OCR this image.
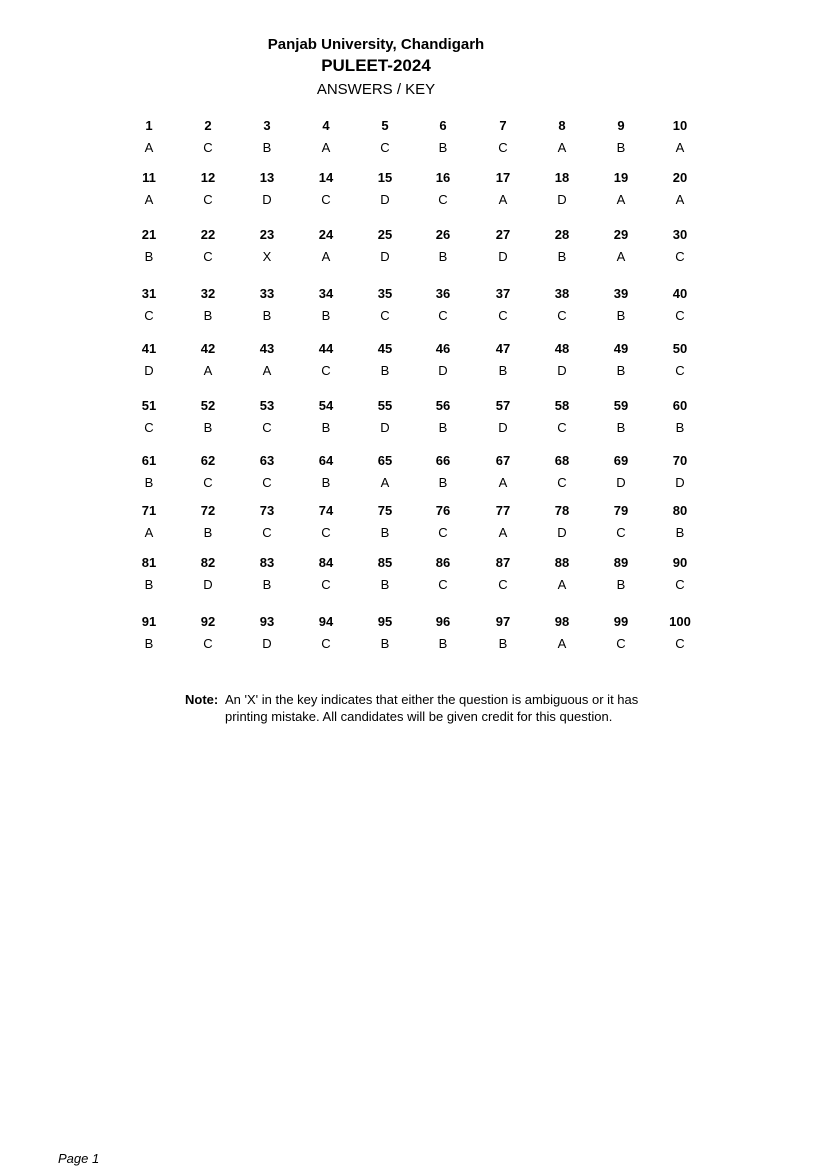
Panjab University, Chandigarh
PULEET-2024
ANSWERS / KEY
1
A
2
C
3
B
4
A
5
C
6
B
7
C
8
A
9
B
10
A
11
A
12
C
13
D
14
C
15
D
16
C
17
A
18
D
19
A
20
A
21
B
22
C
23
X
24
A
25
D
26
B
27
D
28
B
29
A
30
C
31
C
32
B
33
B
34
B
35
C
36
C
37
C
38
C
39
B
40
C
41
D
42
A
43
A
44
C
45
B
46
D
47
B
48
D
49
B
50
C
51
C
52
B
53
C
54
B
55
D
56
B
57
D
58
C
59
B
60
B
61
B
62
C
63
C
64
B
65
A
66
B
67
A
68
C
69
D
70
D
71
A
72
B
73
C
74
C
75
B
76
C
77
A
78
D
79
C
80
B
81
B
82
D
83
B
84
C
85
B
86
C
87
C
88
A
89
B
90
C
91
B
92
C
93
D
94
C
95
B
96
B
97
B
98
A
99
C
100
C
Note: An 'X' in the key indicates that either the question is ambiguous or it has printing mistake. All candidates will be given credit for this question.
Page 1
